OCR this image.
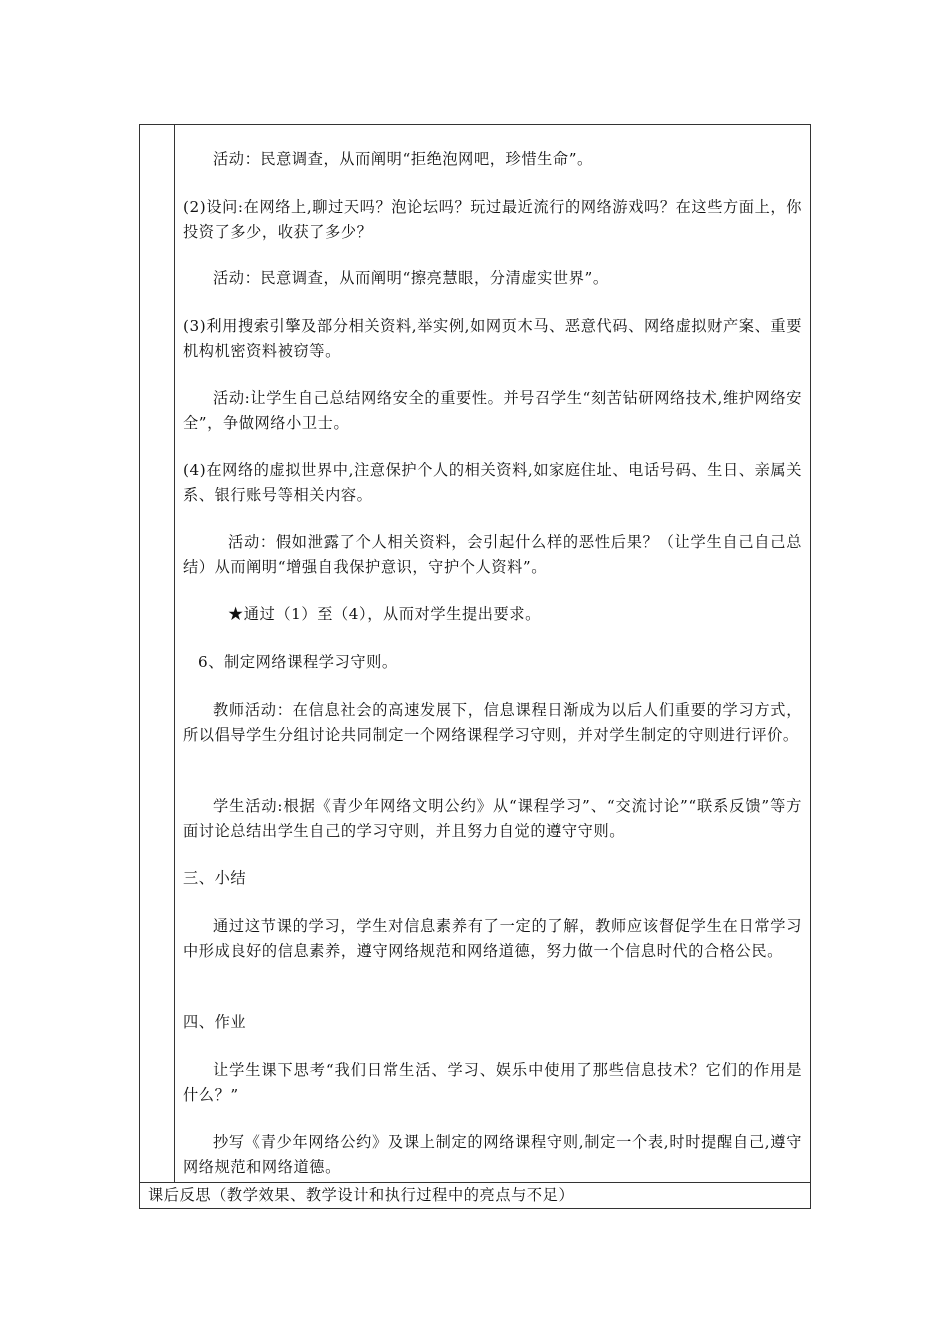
活动：民意调查，从而阐明“拒绝泡网吧，珍惜生命”。

(2)设问:在网络上,聊过天吗？泡论坛吗？玩过最近流行的网络游戏吗？在这些方面上，你投资了多少，收获了多少？

活动：民意调查，从而阐明“擦亮慧眼，分清虚实世界”。

(3)利用搜索引擎及部分相关资料,举实例,如网页木马、恶意代码、网络虚拟财产案、重要机构机密资料被窃等。

活动:让学生自己总结网络安全的重要性。并号召学生“刻苦钻研网络技术,维护网络安全”，争做网络小卫士。

(4)在网络的虚拟世界中,注意保护个人的相关资料,如家庭住址、电话号码、生日、亲属关系、银行账号等相关内容。

活动：假如泄露了个人相关资料，会引起什么样的恶性后果？（让学生自己自己总结）从而阐明“增强自我保护意识，守护个人资料”。

★通过（1）至（4），从而对学生提出要求。

6、制定网络课程学习守则。

教师活动：在信息社会的高速发展下，信息课程日渐成为以后人们重要的学习方式，所以倡导学生分组讨论共同制定一个网络课程学习守则，并对学生制定的守则进行评价。

学生活动:根据《青少年网络文明公约》从“课程学习”、“交流讨论”“联系反馈”等方面讨论总结出学生自己的学习守则，并且努力自觉的遵守守则。

三、小结

通过这节课的学习，学生对信息素养有了一定的了解，教师应该督促学生在日常学习中形成良好的信息素养，遵守网络规范和网络道德，努力做一个信息时代的合格公民。

四、作业

让学生课下思考“我们日常生活、学习、娱乐中使用了那些信息技术？它们的作用是什么？”

抄写《青少年网络公约》及课上制定的网络课程守则,制定一个表,时时提醒自己,遵守网络规范和网络道德。

课后反思（教学效果、教学设计和执行过程中的亮点与不足）
